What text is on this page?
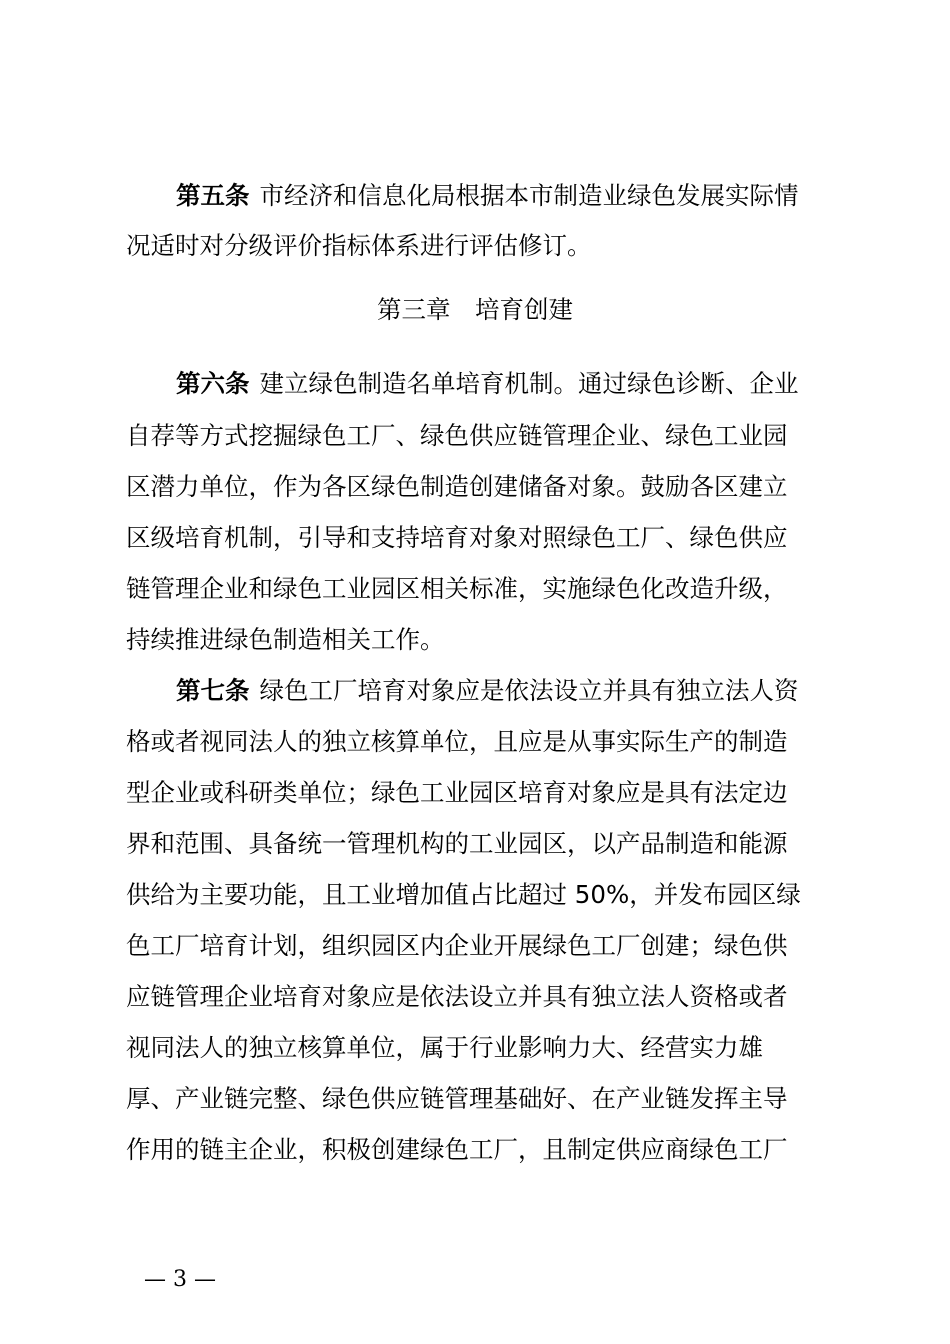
第五条 市经济和信息化局根据本市制造业绿色发展实际情
况适时对分级评价指标体系进行评估修订。
第三章　培育创建
第六条 建立绿色制造名单培育机制。通过绿色诊断、企业
自荐等方式挖掘绿色工厂、绿色供应链管理企业、绿色工业园
区潜力单位，作为各区绿色制造创建储备对象。鼓励各区建立
区级培育机制，引导和支持培育对象对照绿色工厂、绿色供应
链管理企业和绿色工业园区相关标准，实施绿色化改造升级，
持续推进绿色制造相关工作。
第七条 绿色工厂培育对象应是依法设立并具有独立法人资
格或者视同法人的独立核算单位，且应是从事实际生产的制造
型企业或科研类单位；绿色工业园区培育对象应是具有法定边
界和范围、具备统一管理机构的工业园区，以产品制造和能源
供给为主要功能，且工业增加值占比超过 50%，并发布园区绿
色工厂培育计划，组织园区内企业开展绿色工厂创建；绿色供
应链管理企业培育对象应是依法设立并具有独立法人资格或者
视同法人的独立核算单位，属于行业影响力大、经营实力雄
厚、产业链完整、绿色供应链管理基础好、在产业链发挥主导
作用的链主企业，积极创建绿色工厂，且制定供应商绿色工厂
— 3 —
